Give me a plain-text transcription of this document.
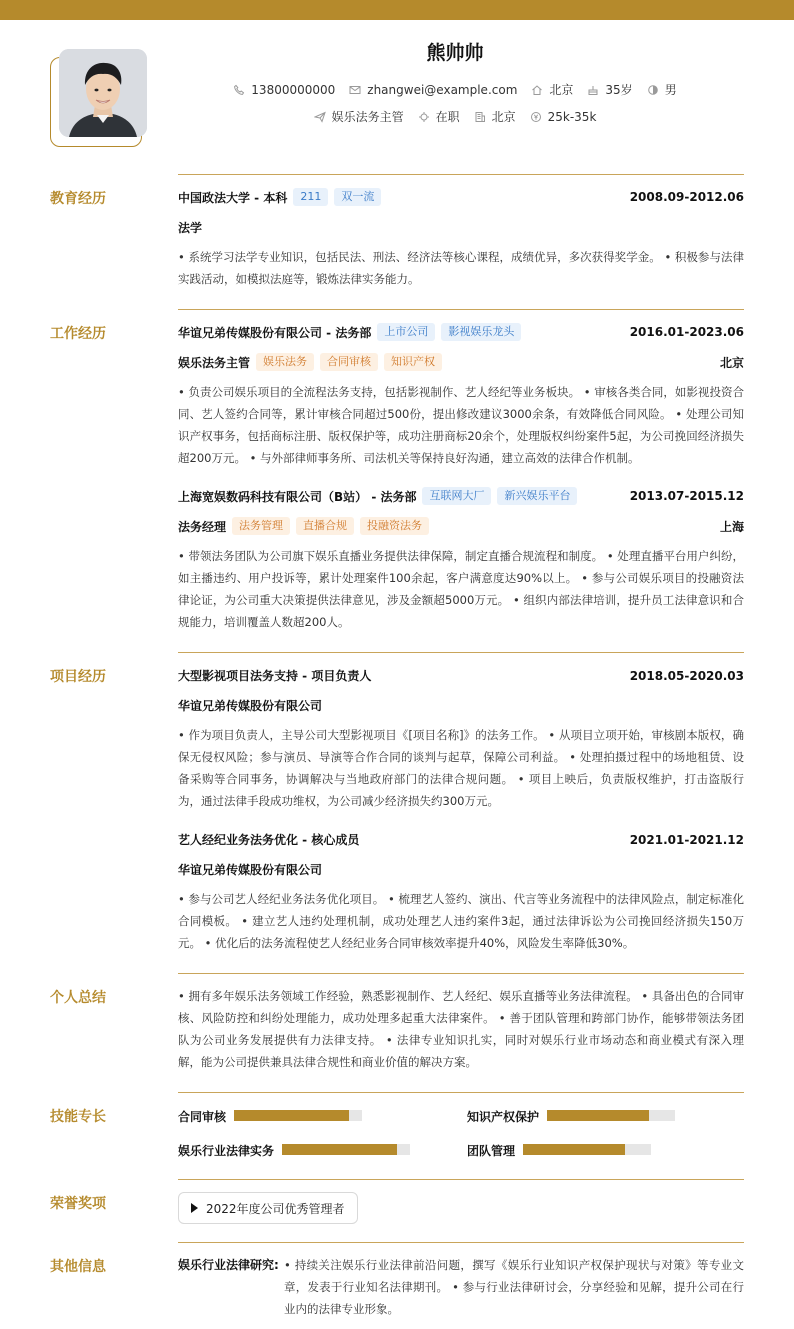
熊帅帅
13800000000	zhangwei@example.com	北京	35岁	男
娱乐法务主管	在职	北京	25k-35k
教育经历	中国政法大学 - 本科	211	双一流	2008.09-2012.06
法学
• 系统学习法学专业知识，包括民法、刑法、经济法等核心课程，成绩优异，多次获得奖学金。 • 积极参与法律实践活动，如模拟法庭等，锻炼法律实务能力。
工作经历	华谊兄弟传媒股份有限公司 - 法务部	上市公司	影视娱乐龙头	2016.01-2023.06
娱乐法务主管	娱乐法务	合同审核	知识产权	北京
• 负责公司娱乐项目的全流程法务支持，包括影视制作、艺人经纪等业务板块。 • 审核各类合同，如影视投资合同、艺人签约合同等，累计审核合同超过500份，提出修改建议3000余条，有效降低合同风险。 • 处理公司知识产权事务，包括商标注册、版权保护等，成功注册商标20余个，处理版权纠纷案件5起，为公司挽回经济损失超200万元。 • 与外部律师事务所、司法机关等保持良好沟通，建立高效的法律合作机制。
上海宽娱数码科技有限公司（B站） - 法务部	互联网大厂	新兴娱乐平台	2013.07-2015.12
法务经理	法务管理	直播合规	投融资法务	上海
• 带领法务团队为公司旗下娱乐直播业务提供法律保障，制定直播合规流程和制度。 • 处理直播平台用户纠纷，如主播违约、用户投诉等，累计处理案件100余起，客户满意度达90%以上。 • 参与公司娱乐项目的投融资法律论证，为公司重大决策提供法律意见，涉及金额超5000万元。 • 组织内部法律培训，提升员工法律意识和合规能力，培训覆盖人数超200人。
项目经历	大型影视项目法务支持 - 项目负责人	2018.05-2020.03
华谊兄弟传媒股份有限公司
• 作为项目负责人，主导公司大型影视项目《[项目名称]》的法务工作。 • 从项目立项开始，审核剧本版权，确保无侵权风险；参与演员、导演等合作合同的谈判与起草，保障公司利益。 • 处理拍摄过程中的场地租赁、设备采购等合同事务，协调解决与当地政府部门的法律合规问题。 • 项目上映后，负责版权维护，打击盗版行为，通过法律手段成功维权，为公司减少经济损失约300万元。
艺人经纪业务法务优化 - 核心成员	2021.01-2021.12
华谊兄弟传媒股份有限公司
• 参与公司艺人经纪业务法务优化项目。 • 梳理艺人签约、演出、代言等业务流程中的法律风险点，制定标准化合同模板。 • 建立艺人违约处理机制，成功处理艺人违约案件3起，通过法律诉讼为公司挽回经济损失150万元。 • 优化后的法务流程使艺人经纪业务合同审核效率提升40%，风险发生率降低30%。
个人总结	• 拥有多年娱乐法务领域工作经验，熟悉影视制作、艺人经纪、娱乐直播等业务法律流程。 • 具备出色的合同审核、风险防控和纠纷处理能力，成功处理多起重大法律案件。 • 善于团队管理和跨部门协作，能够带领法务团队为公司业务发展提供有力法律支持。 • 法律专业知识扎实，同时对娱乐行业市场动态和商业模式有深入理解，能为公司提供兼具法律合规性和商业价值的解决方案。
技能专长	合同审核	知识产权保护
娱乐行业法律实务	团队管理
荣誉奖项	2022年度公司优秀管理者
其他信息	娱乐行业法律研究: • 持续关注娱乐行业法律前沿问题，撰写《娱乐行业知识产权保护现状与对策》等专业文章，发表于行业知名法律期刊。 • 参与行业法律研讨会，分享经验和见解，提升公司在行业内的法律专业形象。
